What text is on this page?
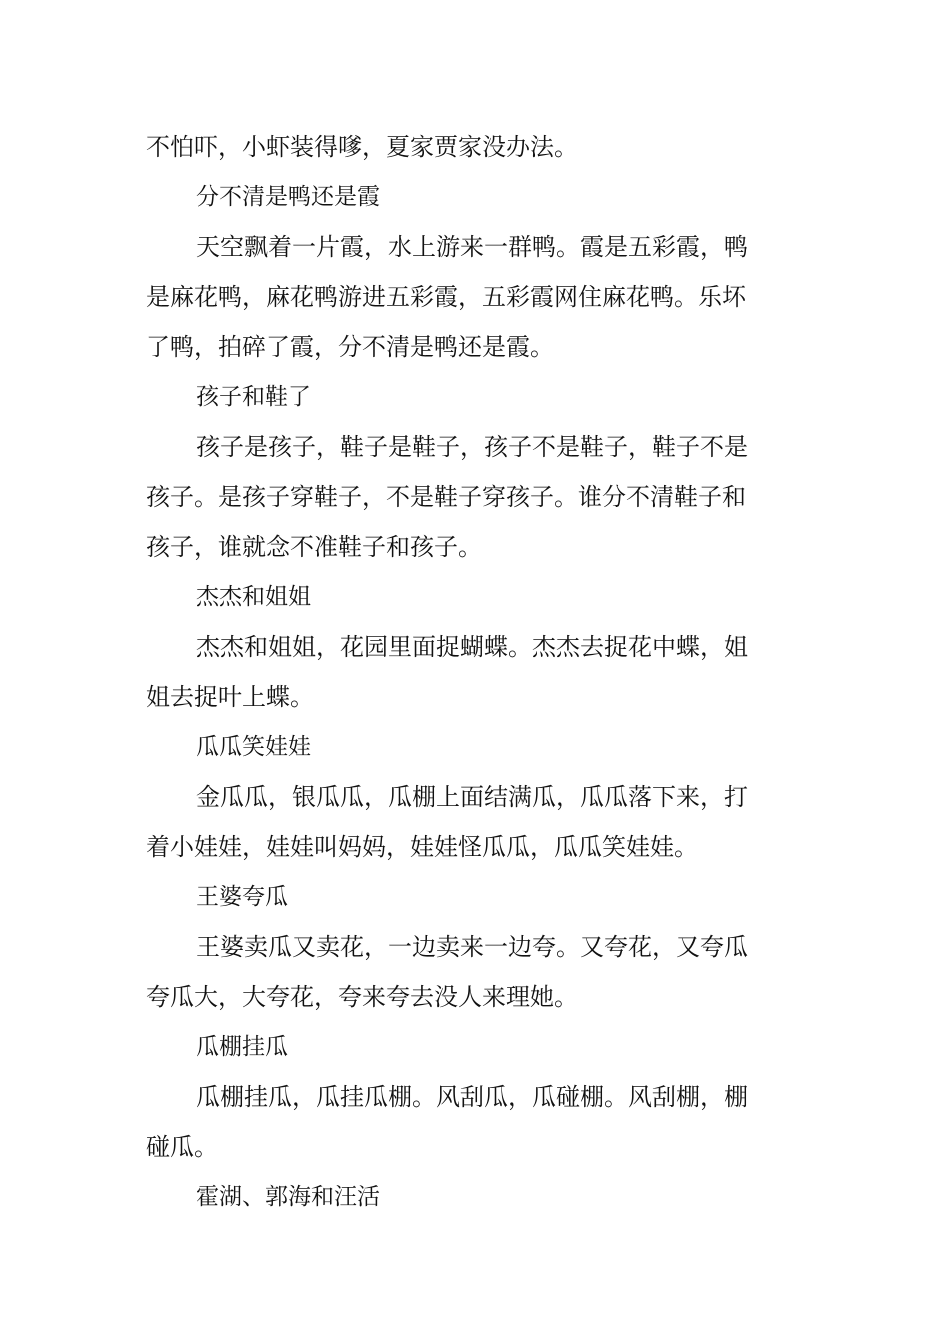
不怕吓，小虾装得嗲，夏家贾家没办法。
分不清是鸭还是霞
天空飘着一片霞，水上游来一群鸭。霞是五彩霞，鸭
是麻花鸭，麻花鸭游进五彩霞，五彩霞网住麻花鸭。乐坏
了鸭，拍碎了霞，分不清是鸭还是霞。
孩子和鞋了
孩子是孩子，鞋子是鞋子，孩子不是鞋子，鞋子不是
孩子。是孩子穿鞋子，不是鞋子穿孩子。谁分不清鞋子和
孩子，谁就念不准鞋子和孩子。
杰杰和姐姐
杰杰和姐姐，花园里面捉蝴蝶。杰杰去捉花中蝶，姐
姐去捉叶上蝶。
瓜瓜笑娃娃
金瓜瓜，银瓜瓜，瓜棚上面结满瓜，瓜瓜落下来，打
着小娃娃，娃娃叫妈妈，娃娃怪瓜瓜，瓜瓜笑娃娃。
王婆夸瓜
王婆卖瓜又卖花，一边卖来一边夸。又夸花，又夸瓜
夸瓜大，大夸花，夸来夸去没人来理她。
瓜棚挂瓜
瓜棚挂瓜，瓜挂瓜棚。风刮瓜，瓜碰棚。风刮棚，棚
碰瓜。
霍湖、郭海和汪活
